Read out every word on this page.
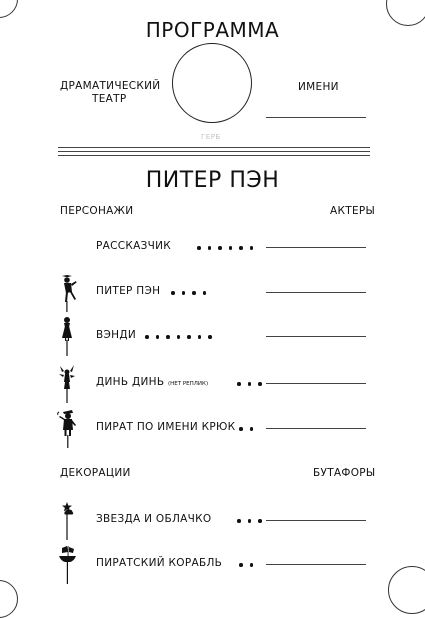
ПРОГРАММА
ДРАМАТИЧЕСКИЙ
ТЕАТР
ГЕРБ
ИМЕНИ
ПИТЕР ПЭН
ПЕРСОНАЖИ	АКТЕРЫ
РАССКАЗЧИК
ПИТЕР ПЭН
ВЭНДИ
ДИНЬ ДИНЬ (НЕТ РЕПЛИК)
ПИРАТ ПО ИМЕНИ КРЮК
ДЕКОРАЦИИ	БУТАФОРЫ
ЗВЕЗДА И ОБЛАЧКО
ПИРАТСКИЙ КОРАБЛЬ
